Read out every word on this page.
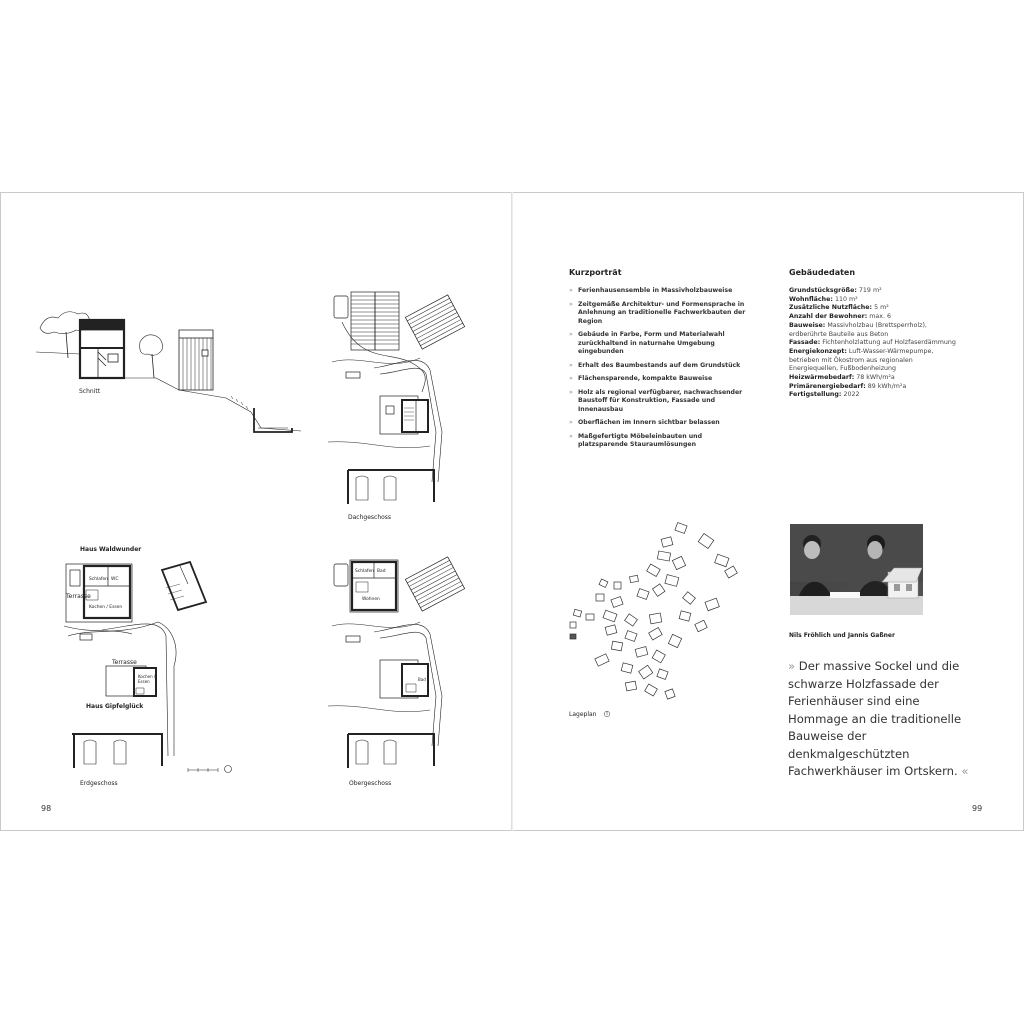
Schnitt
Dachgeschoss
Haus Waldwunder
Schlafen WC
Kochen / Essen
Kochen /
Essen
Terrasse
Terrasse
Haus Gipfelglück
Erdgeschoss
Schlafen Bad
Wohnen
Bad
Obergeschoss
98
Kurzporträt
» Ferienhausensemble in Massivholzbauweise
» Zeitgemäße Architektur- und Formensprache in Anlehnung an traditionelle Fachwerkbauten der Region
» Gebäude in Farbe, Form und Materialwahl zurückhaltend in naturnahe Umgebung eingebunden
» Erhalt des Baumbestands auf dem Grundstück
» Flächensparende, kompakte Bauweise
» Holz als regional verfügbarer, nachwachsender Baustoff für Konstruktion, Fassade und Innenausbau
» Oberflächen im Innern sichtbar belassen
» Maßgefertigte Möbeleinbauten und platzsparende Stauraumlösungen
Gebäudedaten
Grundstücksgröße: 719 m²
Wohnfläche: 110 m²
Zusätzliche Nutzfläche: 5 m²
Anzahl der Bewohner: max. 6
Bauweise: Massivholzbau (Brettsperrholz), erdberührte Bauteile aus Beton
Fassade: Fichtenholzlattung auf Holzfaserdämmung
Energiekonzept: Luft-Wasser-Wärmepumpe, betrieben mit Ökostrom aus regionalen Energiequellen, Fußbodenheizung
Heizwärmebedarf: 78 kWh/m²a
Primärenergiebedarf: 89 kWh/m²a
Fertigstellung: 2022
Lageplan
Nils Fröhlich und Jannis Gaßner
» Der massive Sockel und die schwarze Holzfassade der Ferienhäuser sind eine Hommage an die traditionelle Bauweise der denkmalgeschützten Fachwerkhäuser im Ortskern. «
99
